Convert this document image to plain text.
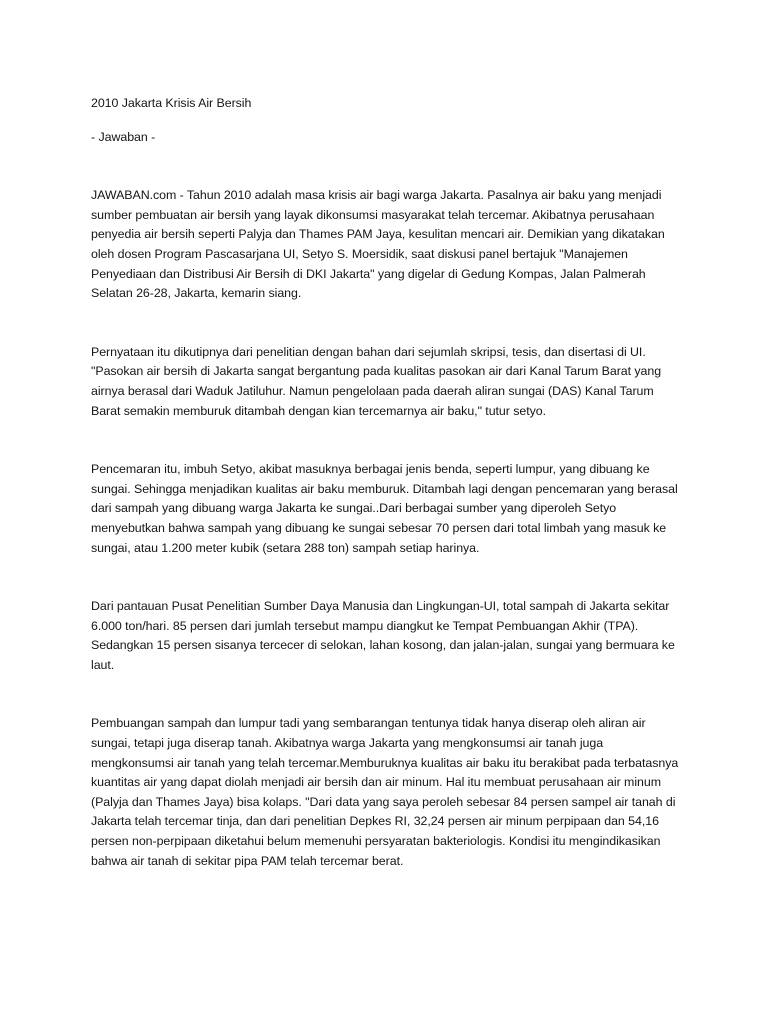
2010 Jakarta Krisis Air Bersih
- Jawaban -

JAWABAN.com - Tahun 2010 adalah masa krisis air bagi warga Jakarta. Pasalnya air baku yang menjadi sumber pembuatan air bersih yang layak dikonsumsi masyarakat telah tercemar. Akibatnya perusahaan penyedia air bersih seperti Palyja dan Thames PAM Jaya, kesulitan mencari air. Demikian yang dikatakan oleh dosen Program Pascasarjana UI, Setyo S. Moersidik, saat diskusi panel bertajuk "Manajemen Penyediaan dan Distribusi Air Bersih di DKI Jakarta" yang digelar di Gedung Kompas, Jalan Palmerah Selatan 26-28, Jakarta, kemarin siang.

Pernyataan itu dikutipnya dari penelitian dengan bahan dari sejumlah skripsi, tesis, dan disertasi di UI. "Pasokan air bersih di Jakarta sangat bergantung pada kualitas pasokan air dari Kanal Tarum Barat yang airnya berasal dari Waduk Jatiluhur. Namun pengelolaan pada daerah aliran sungai (DAS) Kanal Tarum Barat semakin memburuk ditambah dengan kian tercemarnya air baku," tutur setyo.

Pencemaran itu, imbuh Setyo, akibat masuknya berbagai jenis benda, seperti lumpur, yang dibuang ke sungai. Sehingga menjadikan kualitas air baku memburuk. Ditambah lagi dengan pencemaran yang berasal dari sampah yang dibuang warga Jakarta ke sungai..Dari berbagai sumber yang diperoleh Setyo menyebutkan bahwa sampah yang dibuang ke sungai sebesar 70 persen dari total limbah yang masuk ke sungai, atau 1.200 meter kubik (setara 288 ton) sampah setiap harinya.

Dari pantauan Pusat Penelitian Sumber Daya Manusia dan Lingkungan-UI, total sampah di Jakarta sekitar 6.000 ton/hari. 85 persen dari jumlah tersebut mampu diangkut ke Tempat Pembuangan Akhir (TPA). Sedangkan 15 persen sisanya tercecer di selokan, lahan kosong, dan jalan-jalan, sungai yang bermuara ke laut.

Pembuangan sampah dan lumpur tadi yang sembarangan tentunya tidak hanya diserap oleh aliran air sungai, tetapi juga diserap tanah. Akibatnya warga Jakarta yang mengkonsumsi air tanah juga mengkonsumsi air tanah yang telah tercemar.Memburuknya kualitas air baku itu berakibat pada terbatasnya kuantitas air yang dapat diolah menjadi air bersih dan air minum. Hal itu membuat perusahaan air minum (Palyja dan Thames Jaya) bisa kolaps. "Dari data yang saya peroleh sebesar 84 persen sampel air tanah di Jakarta telah tercemar tinja, dan dari penelitian Depkes RI, 32,24 persen air minum perpipaan dan 54,16 persen non-perpipaan diketahui belum memenuhi persyaratan bakteriologis. Kondisi itu mengindikasikan bahwa air tanah di sekitar pipa PAM telah tercemar berat.
